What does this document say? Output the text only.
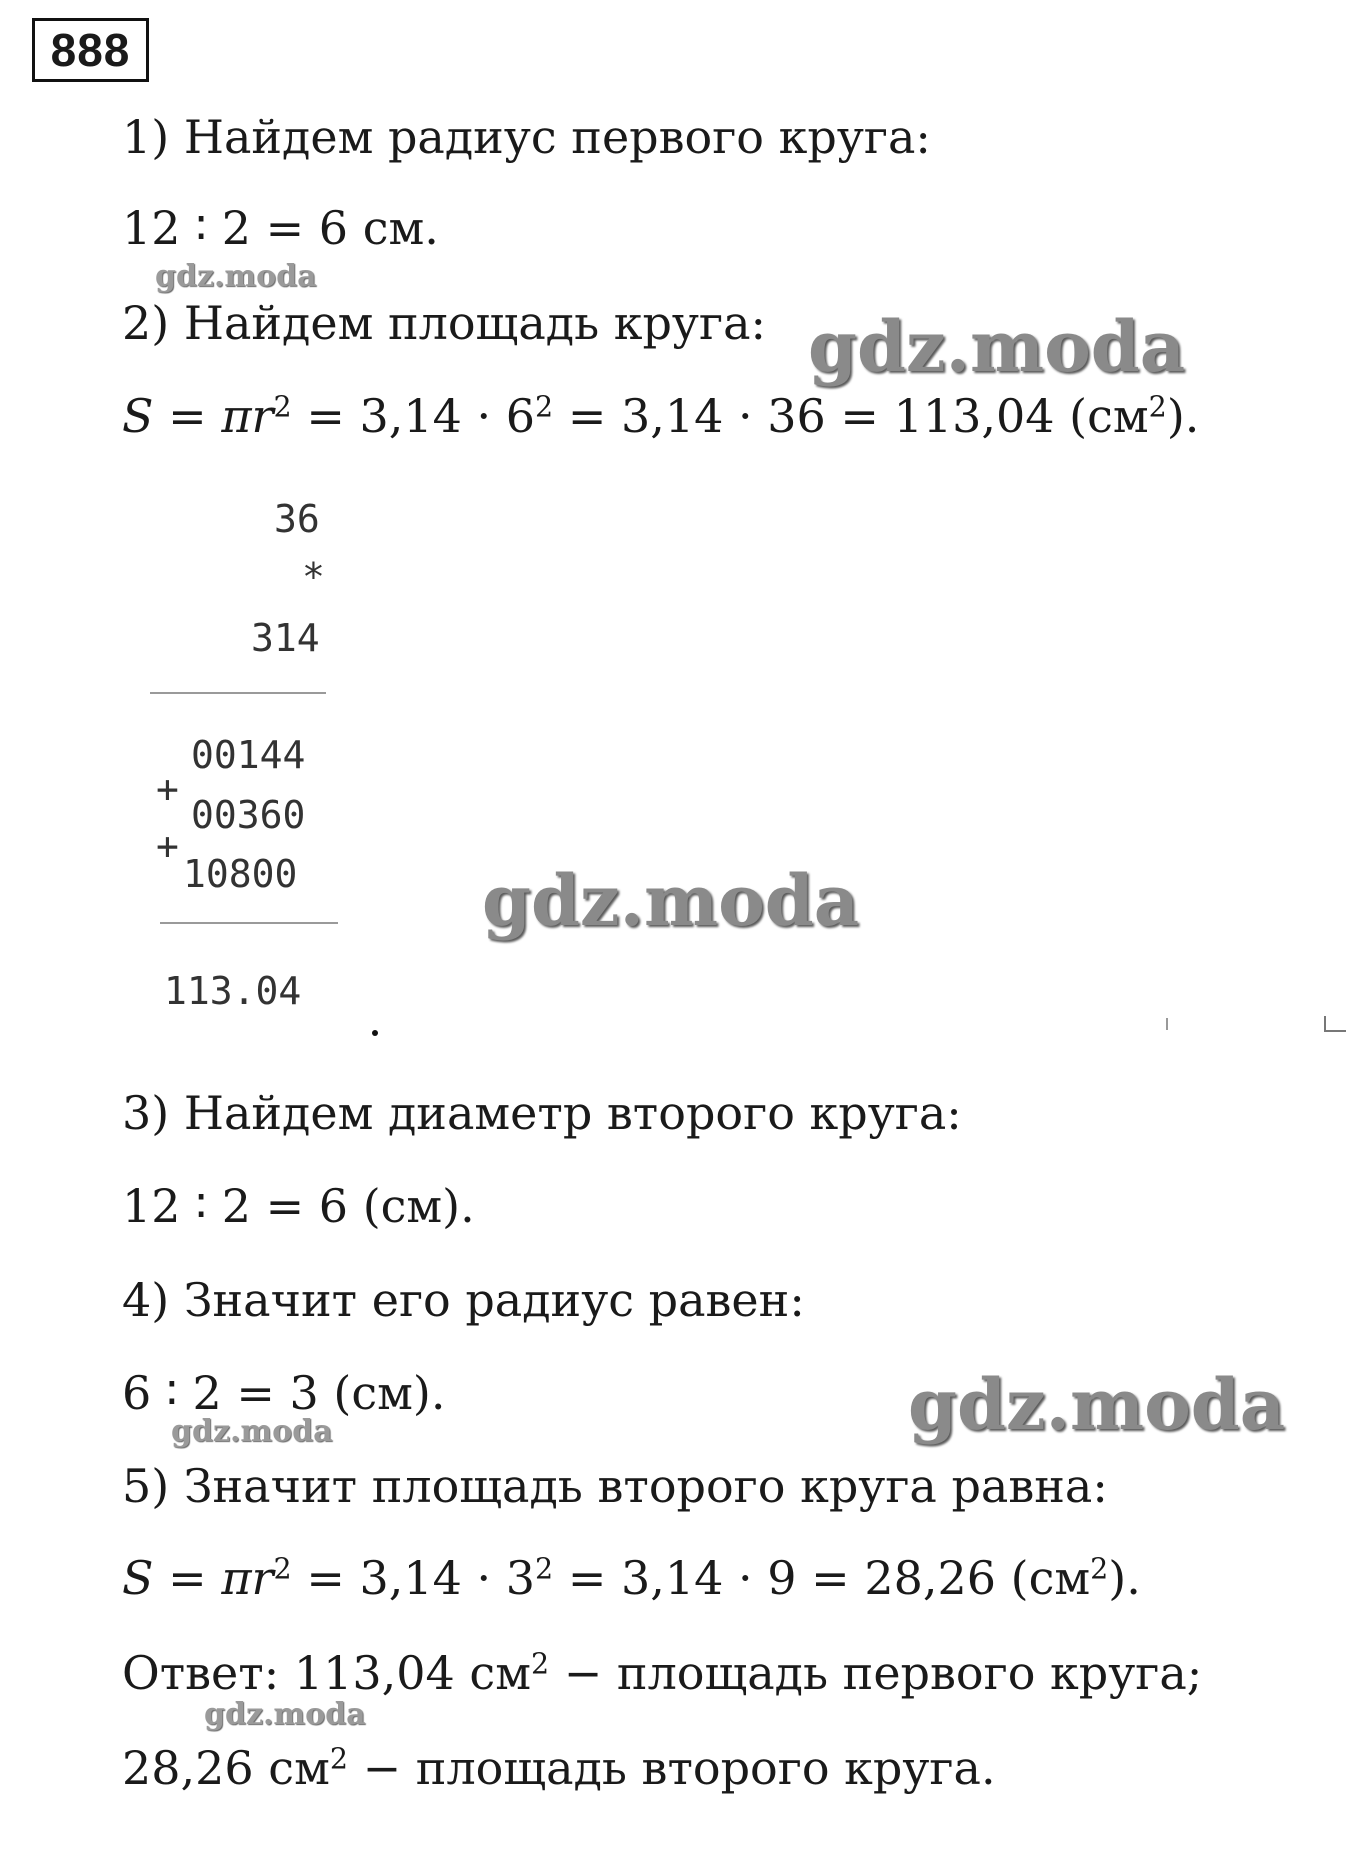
888
1) Найдем радиус первого круга:
12 ∶ 2 = 6 см.
2) Найдем площадь круга:
$S = \pi r^2 = 3,14 \cdot 6^2 = 3,14 \cdot 36 = 113,04$ $(см^2)$.
36
*
314
00144
+
00360
+
10800
113.04
3) Найдем диаметр второго круга:
12 ∶ 2 = 6 (см).
4) Значит его радиус равен:
6 ∶ 2 = 3 (см).
5) Значит площадь второго круга равна:
$S = \pi r^2 = 3,14 \cdot 3^2 = 3,14 \cdot 9 = 28,26$ $(см^2)$.
Ответ: 113,04 $см^2$ − площадь первого круга;
28,26 $см^2$ − площадь второго круга.
gdz.moda
gdz.moda
gdz.moda
gdz.moda
gdz.moda
gdz.moda
